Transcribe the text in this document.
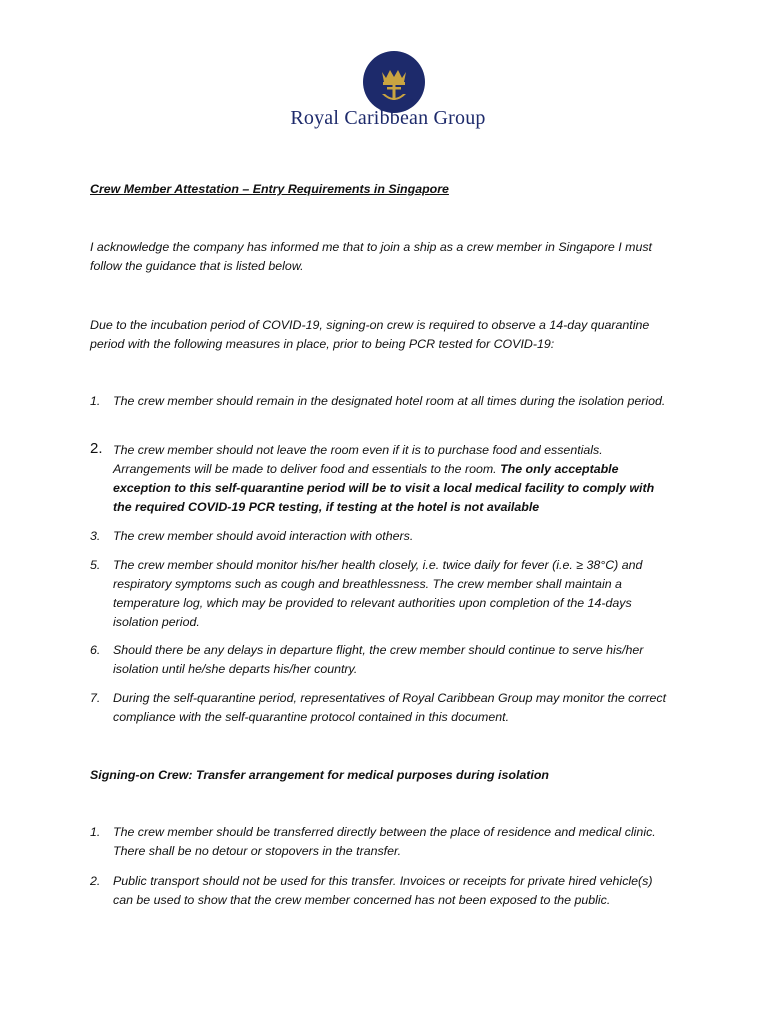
®
Royal Caribbean Group
Crew Member Attestation – Entry Requirements in Singapore
I acknowledge the company has informed me that to join a ship as a crew member in Singapore I must follow the guidance that is listed below.
Due to the incubation period of COVID-19, signing-on crew is required to observe a 14-day quarantine period with the following measures in place, prior to being PCR tested for COVID-19:
1.	The crew member should remain in the designated hotel room at all times during the isolation period.
2. The crew member should not leave the room even if it is to purchase food and essentials. Arrangements will be made to deliver food and essentials to the room. The only acceptable exception to this self-quarantine period will be to visit a local medical facility to comply with the required COVID-19 PCR testing, if testing at the hotel is not available
3.	The crew member should avoid interaction with others.
5.	The crew member should monitor his/her health closely, i.e. twice daily for fever (i.e. ≥ 38°C) and respiratory symptoms such as cough and breathlessness. The crew member shall maintain a temperature log, which may be provided to relevant authorities upon completion of the 14-days isolation period.
6.	Should there be any delays in departure flight, the crew member should continue to serve his/her isolation until he/she departs his/her country.
7.	During the self-quarantine period, representatives of Royal Caribbean Group may monitor the correct compliance with the self-quarantine protocol contained in this document.
Signing-on Crew: Transfer arrangement for medical purposes during isolation
1.	The crew member should be transferred directly between the place of residence and medical clinic. There shall be no detour or stopovers in the transfer.
2.	Public transport should not be used for this transfer. Invoices or receipts for private hired vehicle(s) can be used to show that the crew member concerned has not been exposed to the public.
